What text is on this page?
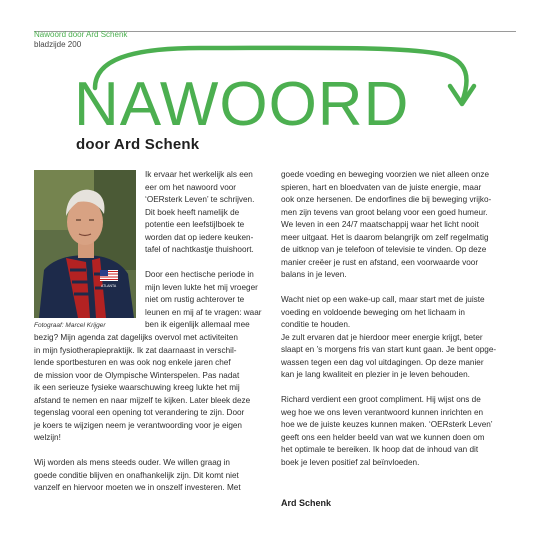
Nawoord door Ard Schenk
bladzijde 200
NAWOORD
door Ard Schenk
ATLANTA
Fotograaf: Marcel Krijger

Ik ervaar het werkelijk als een

eer om het nawoord voor

‘OERsterk Leven’ te schrijven.

Dit boek heeft namelijk de

potentie een leefstijlboek te

worden dat op iedere keuken-

tafel of nachtkastje thuishoort.

Door een hectische periode in

mijn leven lukte het mij vroeger

niet om rustig achterover te

leunen en mij af te vragen: waar

ben ik eigenlijk allemaal mee

bezig? Mijn agenda zat dagelijks overvol met activiteiten

in mijn fysiotherapiepraktijk. Ik zat daarnaast in verschil-

lende sportbesturen en was ook nog enkele jaren chef

de mission voor de Olympische Winterspelen. Pas nadat

ik een serieuze fysieke waarschuwing kreeg lukte het mij

afstand te nemen en naar mijzelf te kijken. Later bleek deze

tegenslag vooral een opening tot verandering te zijn. Door

je koers te wijzigen neem je verantwoording voor je eigen

welzijn!

Wij worden als mens steeds ouder. We willen graag in

goede conditie blijven en onafhankelijk zijn. Dit komt niet

vanzelf en hiervoor moeten we in onszelf investeren. Met

goede voeding en beweging voorzien we niet alleen onze

spieren, hart en bloedvaten van de juiste energie, maar

ook onze hersenen. De endorfines die bij beweging vrijko-

men zijn tevens van groot belang voor een goed humeur.

We leven in een 24/7 maatschappij waar het licht nooit

meer uitgaat. Het is daarom belangrijk om zelf regelmatig

de uitknop van je telefoon of televisie te vinden. Op deze

manier creëer je rust en afstand, een voorwaarde voor

balans in je leven.

Wacht niet op een wake-up call, maar start met de juiste

voeding en voldoende beweging om het lichaam in

conditie te houden.

Je zult ervaren dat je hierdoor meer energie krijgt, beter

slaapt en ’s morgens fris van start kunt gaan. Je bent opge-

wassen tegen een dag vol uitdagingen. Op deze manier

kan je lang kwaliteit en plezier in je leven behouden.

Richard verdient een groot compliment. Hij wijst ons de

weg hoe we ons leven verantwoord kunnen inrichten en

hoe we de juiste keuzes kunnen maken. ‘OERsterk Leven’

geeft ons een helder beeld van wat we kunnen doen om

het optimale te bereiken. Ik hoop dat de inhoud van dit

boek je leven positief zal beïnvloeden.

Ard Schenk
